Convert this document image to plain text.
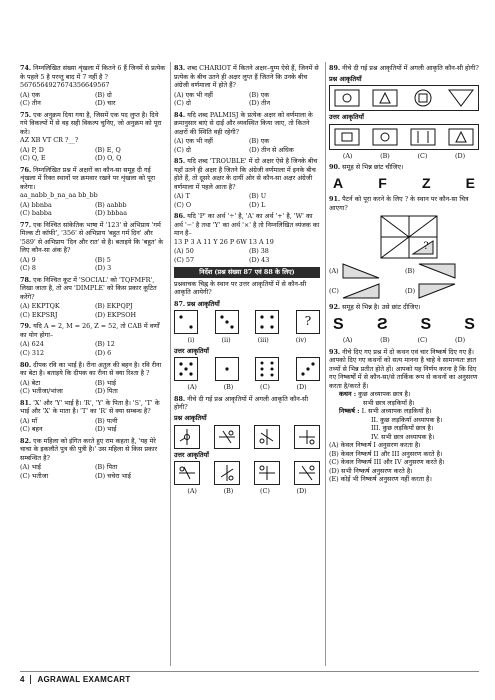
74. निम्नलिखित संख्या शृंखला में कितने 6 हैं जिनमें से प्रत्येक के पहले 5 है परन्तु बाद में 7 नहीं है ?
5676564927674356649567
(A) एक	(B) दो
(C) तीन	(D) चार
75. एक अनुक्रम दिया गया है, जिसमें एक पद लुप्त है। दिये गये विकल्पों में से वह सही विकल्प चुनिए, जो अनुक्रम को पूरा करे।
AZ XB VT CR ?__?
(A) P, D	(B) E, Q
(C) Q, E	(D) O, Q
76. निम्नलिखित प्रश्न में अक्षरों का कौन-सा समूह दी गई शृंखला में रिक्त स्थानों पर क्रमवार रखने पर शृंखला को पूरा करेगा।
aa_nabb_b_na_aa bb_bb
(A) bbnba	(B) aabbb
(C) babba	(D) bbbaa
77. एक निश्चित सांकेतिक भाषा में '123' से अभिप्राय 'गर्म मिल्क टी कॉफी', '356' से अभिप्राय 'बहुत गर्म दिन' और '589' से अभिप्राय 'दिन और रात' से है। बताइये कि 'बहुत' के लिए कौन-सा अंक है?
(A) 9	(B) 5
(C) 8	(D) 3
78. एक निश्चित कूट में 'SOCIAL' को 'TQFMFR', लिखा जाता है, तो अप 'DIMPLE' को किस प्रकार कूटित करेंगे?
(A) EKPTQK	(B) EKPQPJ
(C) EKPSRJ	(D) EKPSOH
79. यदि A = 2, M = 26, Z = 52, तो CAB में वर्णों का योग होगा–
(A) 624	(B) 12
(C) 312	(D) 6
80. दीपक रवि का भाई है। रीना अतुल की बहन है। रवि रीना का बेटा है। बताइये कि दीपक का रीना से क्या रिश्ता है ?
(A) बेटा	(B) भाई
(C) भतीजा/भांजा	(D) पिता
81. 'X' और 'Y' भाई है। 'R', 'Y' के पिता है। 'S', 'T' के भाई और 'X' के माता है। 'T' का 'R' से क्या सम्बन्ध है?
(A) माँ	(B) पत्नी
(C) बहन	(D) भाई
82. एक महिला को इंगित करते हुए राम कहता है, 'यह मेरे चाचा के इकलौते पुत्र की पुत्री है।' उस महिला से किस प्रकार सम्बन्धित है?
(A) भाई	(B) पिता
(C) भतीजा	(D) चचेरा भाई
83. शब्द CHARIOT में कितने अक्षर–युग्म ऐसे हैं, जिनमें से प्रत्येक के बीच उतने ही अक्षर लुप्त हैं जितने कि उनके बीच अंग्रेजी वर्णमाला में होते हैं?
(A) एक भी नहीं	(B) एक
(C) दो	(D) तीन
84. यदि शब्द PALMISJ के प्रत्येक अक्षर को वर्णमाला के क्रमानुसार बाएं से दाईं और व्यवस्थित किया जाए, तो कितने अक्षरों की स्थिति वही रहेगी?
(A) एक भी नहीं	(B) एक
(C) दो	(D) तीन से अधिक
85. यदि शब्द 'TROUBLE' में दो अक्षर ऐसे है जिनके बीच यहाँ उतने ही अक्षर है जितने कि अंग्रेजी वर्णमाला में इनके बीच होते हैं, तो दूसरे अक्षर के दायीं ओर से कौन-सा अक्षर अंग्रेजी वर्णमाला में पहले आता है?
(A) T	(B) U
(C) O	(D) L
86. यदि 'P' का अर्थ '÷' है, 'A' का अर्थ '+' है, 'W' का अर्थ '−' है तथा 'Y' का अर्थ '×' है तो निम्नलिखित व्यंजक का मान है–
13 P 3 A 11 Y 26 P 6W 13 A 19
(A) 50	(B) 38
(C) 57	(D) 43
निर्देश (प्रश्न संख्या 87 एवं 88 के लिए)
प्रश्नवाचक चिह्न के स्थान पर उत्तर आकृतियों में से कौन-सी आकृति आयेगी?
87. प्रश्न आकृतियाँ
?
(i)	(ii)	(iii)	(iv)
उत्तर आकृतियाँ
(A)	(B)	(C)	(D)
88. नीचे दी गई प्रश्न आकृतियों में अगली आकृति कौन-सी होगी?
प्रश्न आकृतियाँ
उत्तर आकृतियाँ
(A)	(B)	(C)	(D)
89. नीचे दी गई प्रश्न आकृतियों में अगली आकृति कौन-सी होगी?
प्रश्न आकृतियाँ
उत्तर आकृतियाँ
(A)	(B)	(C)	(D)
90. समूह से भिन्न छांट चीजिए।
A	F	Z	E
91. पैटर्न को पूरा करने के लिए ? के स्थान पर कौन-सा चित्र आएगा?
?
(A)	(B)
(C)	(D)
92. समूह से भिन्न है। उसे छांट दीजिए।
S S S S
(A)	(B)	(C)	(D)
93. नीचे दिए गए प्रश्न में दो कथन एवं चार निष्कर्ष दिए गए हैं। आपको दिए गए कथनों को सत्य मानना है चाहे वे सामान्यतः ज्ञात तथ्यों से भिन्न प्रतीत होते हों। आपको यह निर्णय करना है कि दिए गए निष्कर्षों में से कौन-सा/से तार्किक रूप से कथनों का अनुसरण करता है/करते हैं।
कथन : कुछ अध्यापक छात्र है।
सभी छात्र लड़कियाँ है।
निष्कर्ष : I. सभी अध्यापक लड़कियाँ है।
II. कुछ लड़कियाँ अध्यापक है।
III. कुछ लड़कियाँ छात्र है।
IV. सभी छात्र अध्यापक है।
(A) केवल निष्कर्ष I अनुसरण करता है।
(B) केवल निष्कर्ष II और III अनुसरण करते है।
(C) केवल निष्कर्ष III और IV अनुसरण करते है।
(D) सभी निष्कर्ष अनुसरण करते है।
(E) कोई भी निष्कर्ष अनुसरण नहीं करता है।
4 AGRAWAL EXAMCART
